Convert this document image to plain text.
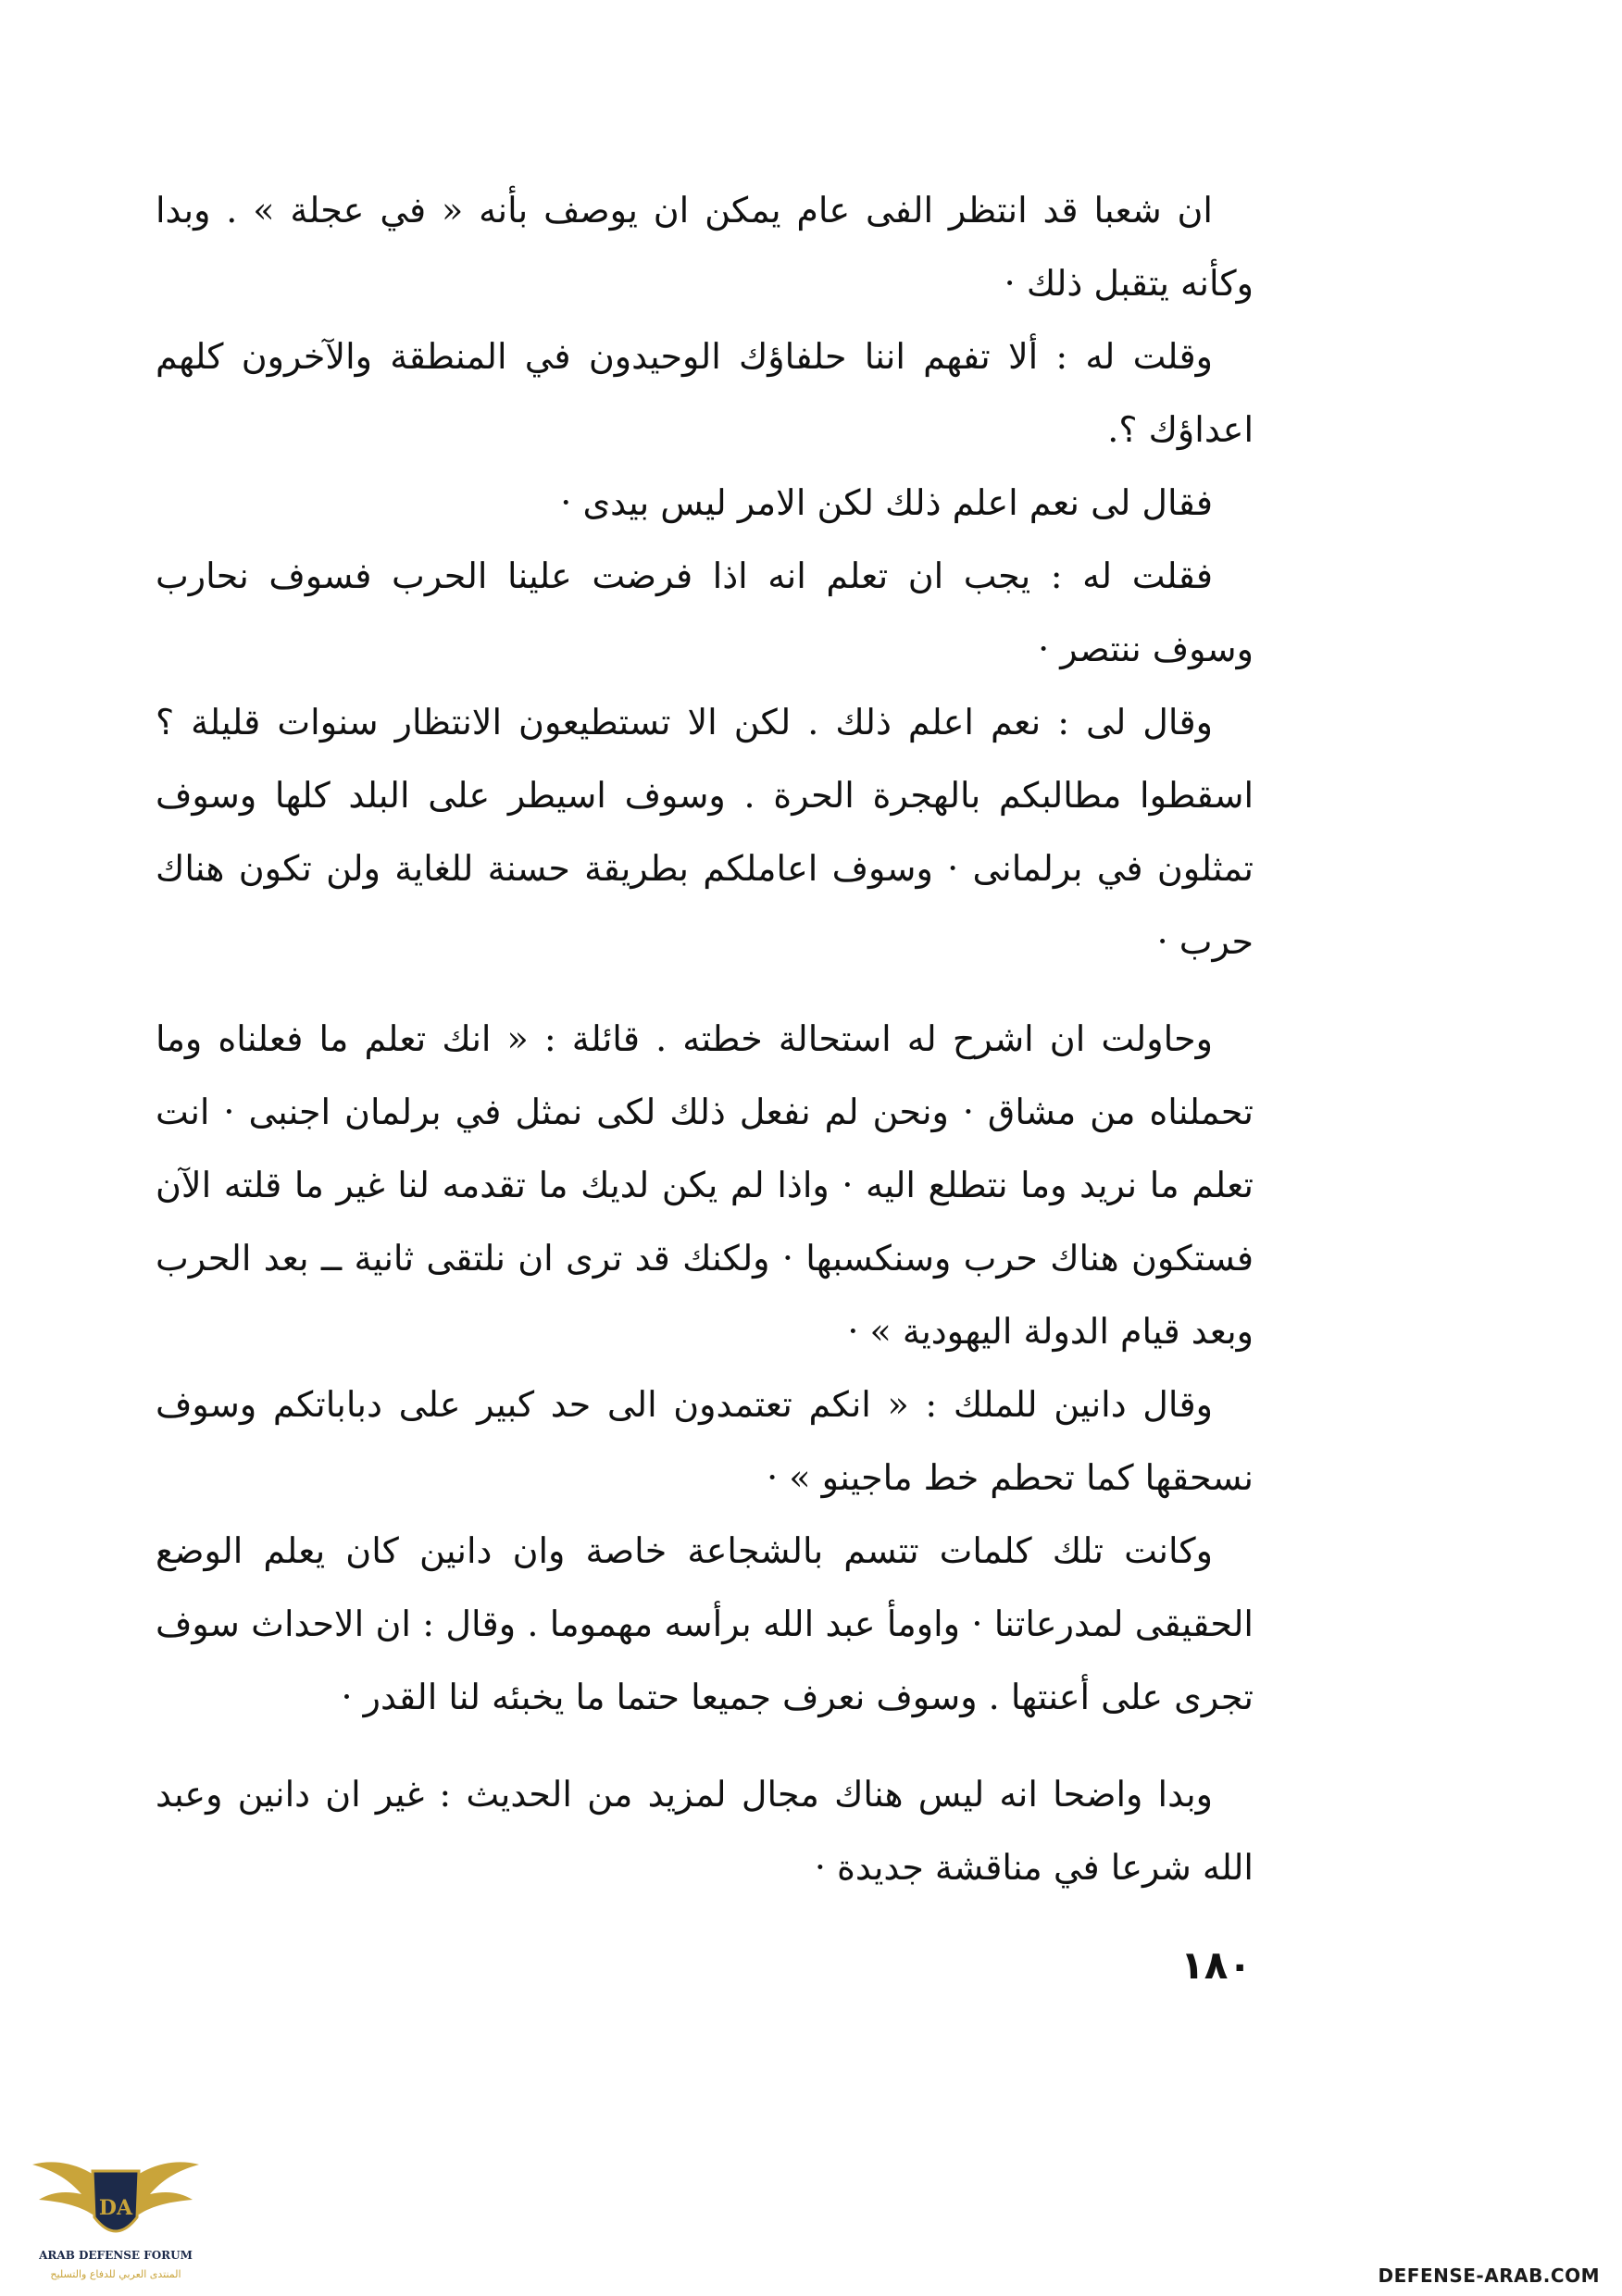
ان شعبا قد انتظر الفى عام يمكن ان يوصف بأنه « في عجلة » . وبدا وكأنه يتقبل ذلك ·

وقلت له : ألا تفهم اننا حلفاؤك الوحيدون في المنطقة والآخرون كلهم اعداؤك ؟.

فقال لى نعم اعلم ذلك لكن الامر ليس بيدى ·

فقلت له : يجب ان تعلم انه اذا فرضت علينا الحرب فسوف نحارب وسوف ننتصر ·

وقال لى : نعم اعلم ذلك . لكن الا تستطيعون الانتظار سنوات قليلة ؟ اسقطوا مطالبكم بالهجرة الحرة . وسوف اسيطر على البلد كلها وسوف تمثلون في برلمانى · وسوف اعاملكم بطريقة حسنة للغاية ولن تكون هناك حرب ·

وحاولت ان اشرح له استحالة خطته . قائلة : « انك تعلم ما فعلناه وما تحملناه من مشاق · ونحن لم نفعل ذلك لكى نمثل في برلمان اجنبى · انت تعلم ما نريد وما نتطلع اليه · واذا لم يكن لديك ما تقدمه لنا غير ما قلته الآن فستكون هناك حرب وسنكسبها · ولكنك قد ترى ان نلتقى ثانية ــ بعد الحرب وبعد قيام الدولة اليهودية » ·

وقال دانين للملك : « انكم تعتمدون الى حد كبير على دباباتكم وسوف نسحقها كما تحطم خط ماجينو » ·

وكانت تلك كلمات تتسم بالشجاعة خاصة وان دانين كان يعلم الوضع الحقيقى لمدرعاتنا · واومأ عبد الله برأسه مهموما . وقال : ان الاحداث سوف تجرى على أعنتها . وسوف نعرف جميعا حتما ما يخبئه لنا القدر ·

وبدا واضحا انه ليس هناك مجال لمزيد من الحديث : غير ان دانين وعبد الله شرعا في مناقشة جديدة ·

١٨٠
DA
ARAB DEFENSE FORUM
المنتدى العربي للدفاع والتسليح	DEFENSE-ARAB.COM
